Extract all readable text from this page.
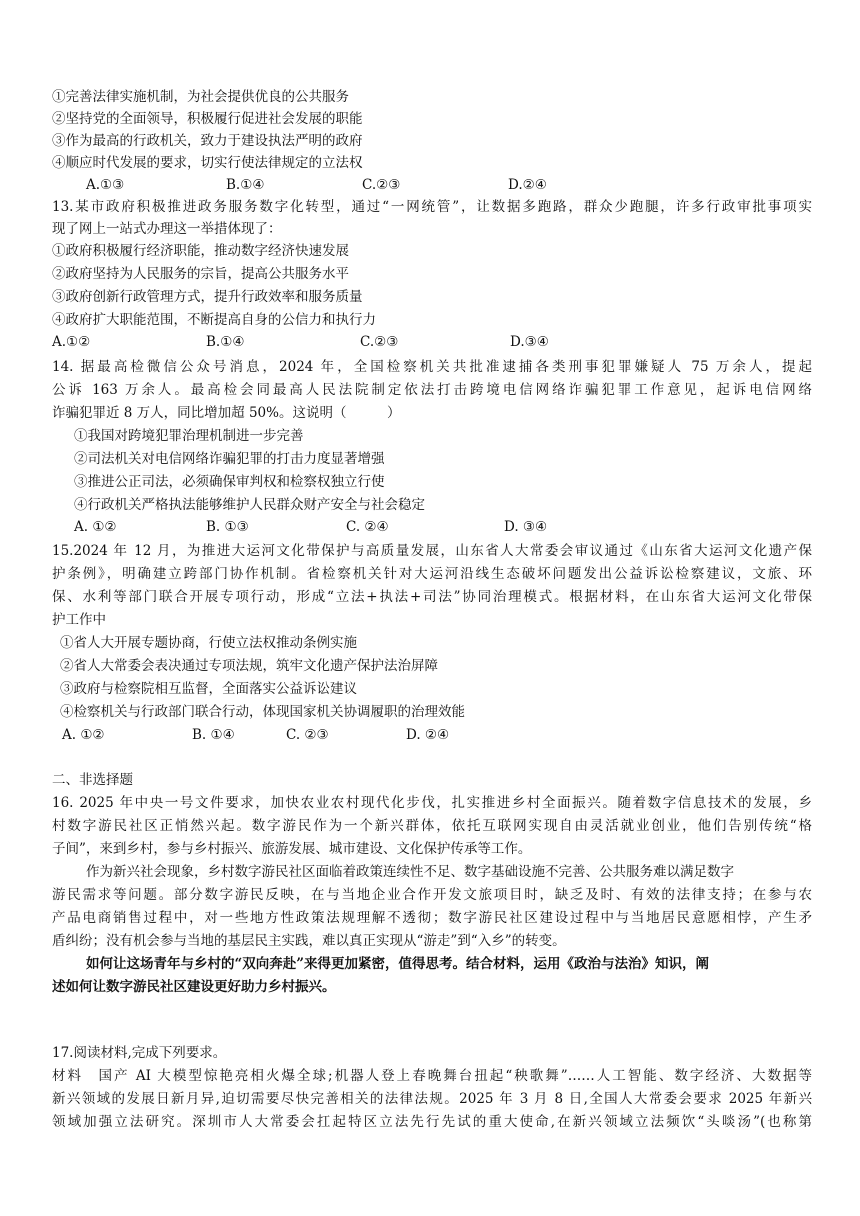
①完善法律实施机制，为社会提供优良的公共服务
②坚持党的全面领导，积极履行促进社会发展的职能
③作为最高的行政机关，致力于建设执法严明的政府
④顺应时代发展的要求，切实行使法律规定的立法权
A.①③	B.①④	C.②③	D.②④
13.某市政府积极推进政务服务数字化转型，通过“一网统管”，让数据多跑路，群众少跑腿，许多行政审批事项实
现了网上一站式办理这一举措体现了：
①政府积极履行经济职能，推动数字经济快速发展
②政府坚持为人民服务的宗旨，提高公共服务水平
③政府创新行政管理方式，提升行政效率和服务质量
④政府扩大职能范围，不断提高自身的公信力和执行力
A.①②	B.①④	C.②③	D.③④
14. 据最高检微信公众号消息，2024 年，全国检察机关共批准逮捕各类刑事犯罪嫌疑人 75 万余人，提起
公诉 163 万余人。最高检会同最高人民法院制定依法打击跨境电信网络诈骗犯罪工作意见，起诉电信网络
诈骗犯罪近 8 万人，同比增加超 50%。这说明（　　　）
①我国对跨境犯罪治理机制进一步完善
②司法机关对电信网络诈骗犯罪的打击力度显著增强
③推进公正司法，必须确保审判权和检察权独立行使
④行政机关严格执法能够维护人民群众财产安全与社会稳定
A. ①②	B. ①③	C. ②④	D. ③④
15.2024 年 12 月，为推进大运河文化带保护与高质量发展，山东省人大常委会审议通过《山东省大运河文化遗产保
护条例》，明确建立跨部门协作机制。省检察机关针对大运河沿线生态破坏问题发出公益诉讼检察建议，文旅、环
保、水利等部门联合开展专项行动，形成“立法+执法+司法”协同治理模式。根据材料，在山东省大运河文化带保
护工作中
①省人大开展专题协商，行使立法权推动条例实施
②省人大常委会表决通过专项法规，筑牢文化遗产保护法治屏障
③政府与检察院相互监督，全面落实公益诉讼建议
④检察机关与行政部门联合行动，体现国家机关协调履职的治理效能
A. ①②	B. ①④	C. ②③	D. ②④
二、非选择题
16. 2025 年中央一号文件要求，加快农业农村现代化步伐，扎实推进乡村全面振兴。随着数字信息技术的发展，乡
村数字游民社区正悄然兴起。数字游民作为一个新兴群体，依托互联网实现自由灵活就业创业，他们告别传统“格
子间”，来到乡村，参与乡村振兴、旅游发展、城市建设、文化保护传承等工作。
作为新兴社会现象，乡村数字游民社区面临着政策连续性不足、数字基础设施不完善、公共服务难以满足数字
游民需求等问题。部分数字游民反映，在与当地企业合作开发文旅项目时，缺乏及时、有效的法律支持；在参与农
产品电商销售过程中，对一些地方性政策法规理解不透彻；数字游民社区建设过程中与当地居民意愿相悖，产生矛
盾纠纷；没有机会参与当地的基层民主实践，难以真正实现从“游走”到“入乡”的转变。
如何让这场青年与乡村的“双向奔赴”来得更加紧密，值得思考。结合材料，运用《政治与法治》知识，阐
述如何让数字游民社区建设更好助力乡村振兴。
17.阅读材料,完成下列要求。
材料　国产 AI 大模型惊艳亮相火爆全球;机器人登上春晚舞台扭起“秧歌舞”……人工智能、数字经济、大数据等
新兴领域的发展日新月异,迫切需要尽快完善相关的法律法规。2025 年 3 月 8 日,全国人大常委会要求 2025 年新兴
领域加强立法研究。深圳市人大常委会扛起特区立法先行先试的重大使命,在新兴领域立法频饮“头啖汤”(也称第
